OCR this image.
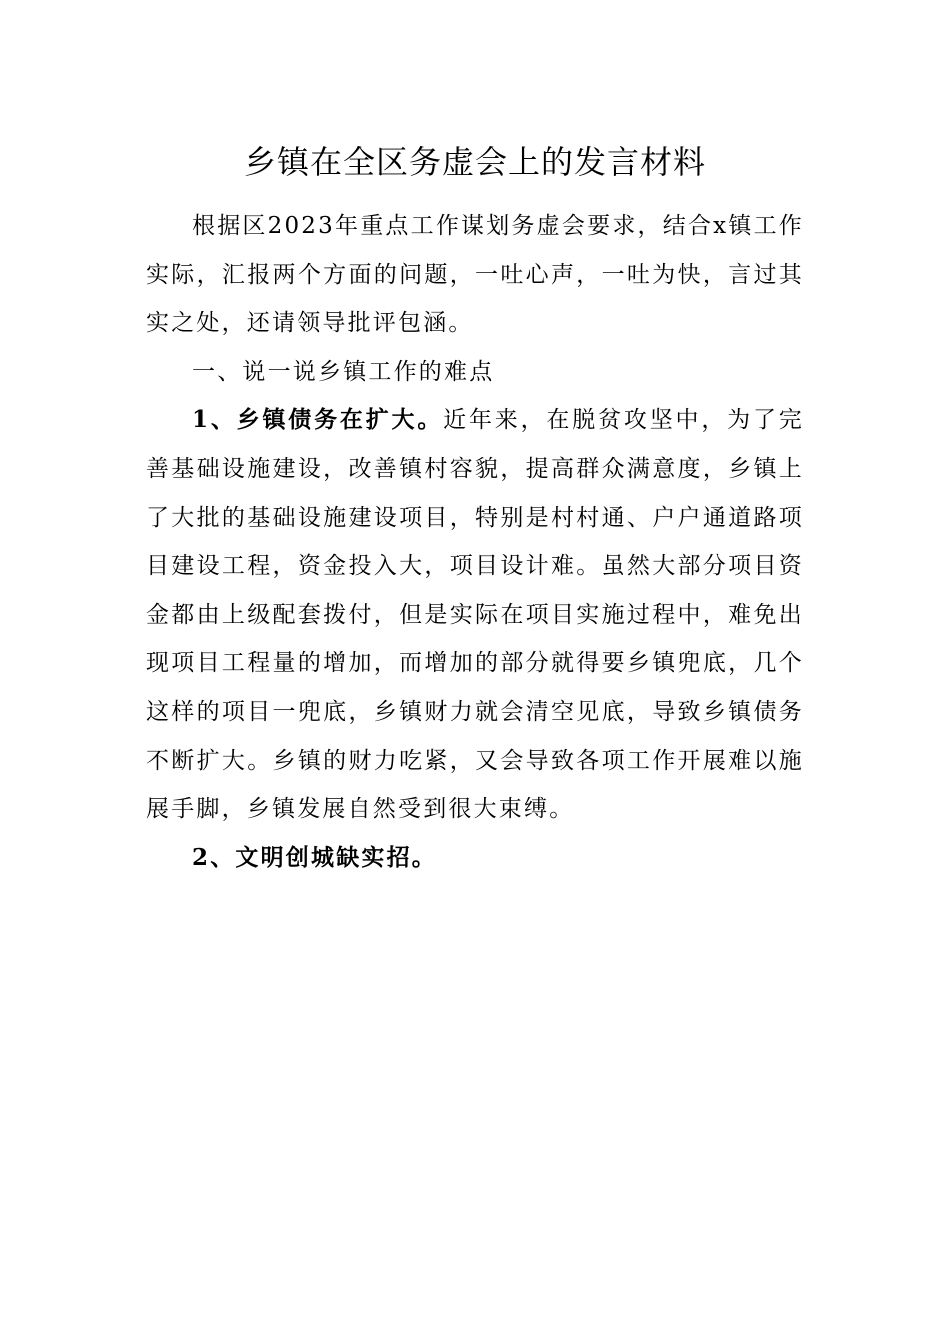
乡镇在全区务虚会上的发言材料

根据区2023年重点工作谋划务虚会要求，结合x镇工作实际，汇报两个方面的问题，一吐心声，一吐为快，言过其实之处，还请领导批评包涵。

一、说一说乡镇工作的难点

1、乡镇债务在扩大。近年来，在脱贫攻坚中，为了完善基础设施建设，改善镇村容貌，提高群众满意度，乡镇上了大批的基础设施建设项目，特别是村村通、户户通道路项目建设工程，资金投入大，项目设计难。虽然大部分项目资金都由上级配套拨付，但是实际在项目实施过程中，难免出现项目工程量的增加，而增加的部分就得要乡镇兜底，几个这样的项目一兜底，乡镇财力就会清空见底，导致乡镇债务不断扩大。乡镇的财力吃紧，又会导致各项工作开展难以施展手脚，乡镇发展自然受到很大束缚。

2、文明创城缺实招。
